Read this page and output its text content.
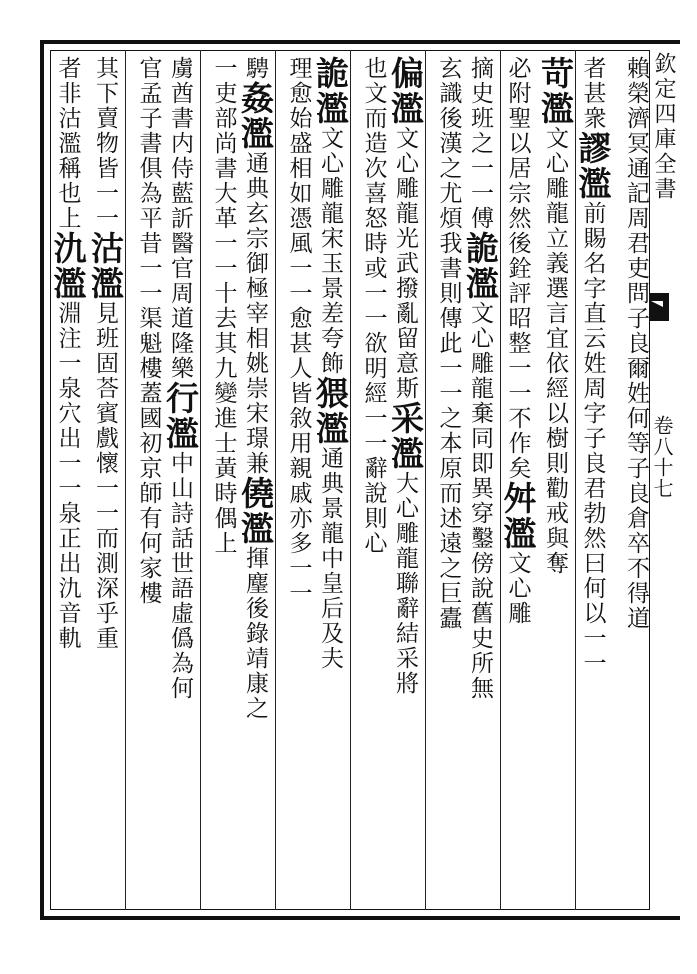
賴榮濟冥通記周君吏問子良爾姓何等子良倉卒不得道
者甚衆謬濫前賜名字直云姓周字子良君勃然曰何以一一
苛濫文心雕龍立義選言宜依經以樹則勸戒與奪
必附聖以居宗然後銓評昭整一一不作矣舛濫文心雕
摘史班之一一傅詭濫文心雕龍棄同即異穿鑿傍說舊史所無
玄識後漢之尤煩我書則傳此一一之本原而述遠之巨蠹
偏濫文心雕龍光武撥亂留意斯采濫大心雕龍聯辭結采將
也文而造次喜怒時或一一欲明經一一辭說則心
詭濫文心雕龍宋玉景差夸飾猥濫通典景龍中皇后及夫
理愈始盛相如憑風一一愈甚人皆敘用親戚亦多一一
騁姦濫通典玄宗御極宰相姚崇宋璟兼僥濫揮麈後錄靖康之
一吏部尚書大革一一十去其九變進士黃時偶上
虜酋書内侍藍訢醫官周道隆樂行濫中山詩話世語虛僞為何
官孟子書俱為平昔一一渠魁樓蓋國初京師有何家樓
其下賣物皆一一沽濫見班固荅賓戲懷一一而測深乎重
者非沽濫稱也上氿濫淵注一泉穴出一一泉正出氿音軌
欽定四庫全書
卷八十七
